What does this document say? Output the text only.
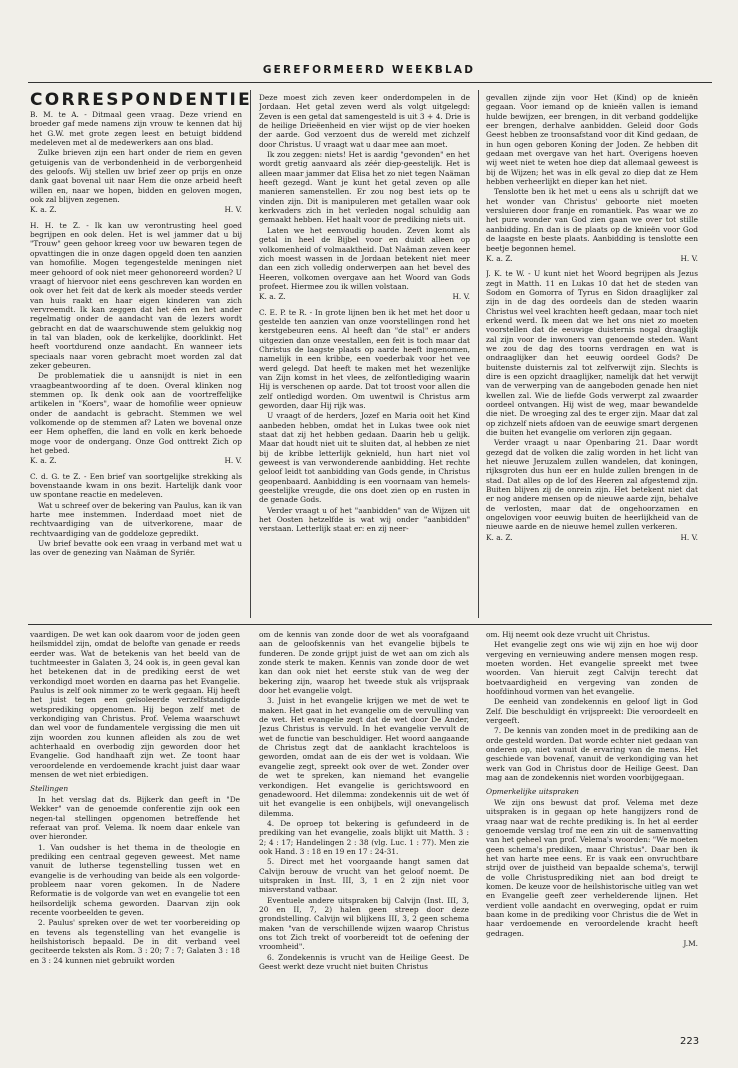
GEREFORMEERD WEEKBLAD
CORRESPONDENTIE

B. M. te A. - Ditmaal geen vraag. Deze vriend en broeder gaf mede namens zijn vrouw te kennen dat hij het G.W. met grote zegen leest en betuigt biddend medeleven met al de medewerkers aan ons blad.

Zulke brieven zijn een hart onder de riem en geven getuigenis van de verbondenheid in de verborgenheid des geloofs. Wij stellen uw brief zeer op prijs en onze dank gaat bovenal uit naar Hem die onze arbeid heeft willen en, naar we hopen, bidden en geloven mogen, ook zal blijven zegenen.

K. a. Z.	H. V.

H. H. te Z. - Ik kan uw verontrusting heel goed begrijpen en ook delen. Het is wel jammer dat u bij "Trouw" geen gehoor kreeg voor uw bewaren tegen de opvattingen die in onze dagen opgeld doen ten aanzien van homofilie. Mogen tegengestelde meningen niet meer gehoord of ook niet meer gehonoreerd worden? U vraagt of hiervoor niet eens geschreven kan worden en ook over het feit dat de kerk als moeder steeds verder van huis raakt en haar eigen kinderen van zich vervreemdt. Ik kan zeggen dat het één en het ander regelmatig onder de aandacht van de lezers wordt gebracht en dat de waarschuwende stem gelukkig nog in tal van bladen, ook de kerkelijke, doorklinkt. Het heeft voortdurend onze aandacht. En wanneer iets speciaals naar voren gebracht moet worden zal dat zeker gebeuren.

De problematiek die u aansnijdt is niet in een vraagbeantwoording af te doen. Overal klinken nog stemmen op. Ik denk ook aan de voortreffelijke artikelen in "Koers", waar de homofilie weer opnieuw onder de aandacht is gebracht. Stemmen we wel volkomende op de stemmen af? Laten we bovenal onze eer Hem opheffen, die land en volk en kerk behoede moge voor de ondergang. Onze God onttrekt Zich op het gebed.

K. a. Z.	H. V.

C. d. G. te Z. - Een brief van soortgelijke strekking als bovenstaande kwam in ons bezit. Hartelijk dank voor uw spontane reactie en medeleven.

Wat u schreef over de bekering van Paulus, kan ik van harte mee instemmen. Inderdaad moet niet de rechtvaardiging van de uitverkorene, maar de rechtvaardiging van de goddeloze gepredikt.

Uw brief bevatte ook een vraag in verband met wat u las over de genezing van Naäman de Syriër.

Deze moest zich zeven keer onderdompelen in de Jordaan. Het getal zeven werd als volgt uitgelegd: Zeven is een getal dat samengesteld is uit 3 + 4. Drie is de heilige Drieëenheid en vier wijst op de vier hoeken der aarde. God verzoent dus de wereld met zichzelf door Christus. U vraagt wat u daar mee aan moet.

Ik zou zeggen: niets! Het is aardig "gevonden" en het wordt gretig aanvaard als zéér diep-geestelijk. Het is alleen maar jammer dat Elisa het zo niet tegen Naäman heeft gezegd. Want je kunt het getal zeven op alle manieren samenstellen. Er zou nog best iets op te vinden zijn. Dit is manipuleren met getallen waar ook kerkvaders zich in het verleden nogal schuldig aan gemaakt hebben. Het haalt voor de prediking niets uit.

Laten we het eenvoudig houden. Zeven komt als getal in heel de Bijbel voor en duidt alleen op volkomenheid of volmaaktheid. Dat Naäman zeven keer zich moest wassen in de Jordaan betekent niet meer dan een zich volledig onderwerpen aan het bevel des Heeren, volkomen overgave aan het Woord van Gods profeet. Hiermee zou ik willen volstaan.

K. a. Z.	H. V.

C. E. P. te R. - In grote lijnen ben ik het met het door u gestelde ten aanzien van onze voorstellingen rond het kerstgebeuren eens. Al heeft dan "de stal" er anders uitgezien dan onze veestallen, een feit is toch maar dat Christus de laagste plaats op aarde heeft ingenomen, namelijk in een kribbe, een voederbak voor het vee werd gelegd. Dat heeft te maken met het wezenlijke van Zijn komst in het vlees, de zelfontlediging waarin Hij is verschenen op aarde. Dat tot troost voor allen die zelf ontledigd worden. Om uwentwil is Christus arm geworden, daar Hij rijk was.

U vraagt of de herders, Jozef en Maria ooit het Kind aanbeden hebben, omdat het in Lukas twee ook niet staat dat zij het hebben gedaan. Daarin heb u gelijk. Maar dat houdt niet uit te sluiten dat, al hebben ze niet bij de kribbe letterlijk geknield, hun hart niet vol geweest is van verwonderende aanbidding. Het rechte geloof leidt tot aanbidding van Gods gende, in Christus geopenbaard. Aanbidding is een voornaam van hemels-geestelijke vreugde, die ons doet zien op en rusten in de genade Gods.

Verder vraagt u of het "aanbidden" van de Wijzen uit het Oosten hetzelfde is wat wij onder "aanbidden" verstaan. Letterlijk staat er: en zij neer-

gevallen zijnde zijn voor Het (Kind) op de knieën gegaan. Voor iemand op de knieën vallen is iemand hulde bewijzen, eer brengen, in dit verband goddelijke eer brengen, derhalve aanbidden. Geleid door Gods Geest hebben ze troonsafstand voor dit Kind gedaan, de in hun ogen geboren Koning der Joden. Ze hebben dit gedaan met overgave van het hart. Overigens hoeven wij weet niet te weten hoe diep dat allemaal geweest is bij de Wijzen; het was in elk geval zo diep dat ze Hem hebben verheerlijkt en dieper kan het niet.

Tenslotte ben ik het met u eens als u schrijft dat we het wonder van Christus' geboorte niet moeten versluieren door franje en romantiek. Pas waar we zo het pure wonder van God zien gaan we over tot stille aanbidding. En dan is de plaats op de knieën voor God de laagste en beste plaats. Aanbidding is tenslotte een beetje begonnen hemel.

K. a. Z.	H. V.

J. K. te W. - U kunt niet het Woord begrijpen als Jezus zegt in Matth. 11 en Lukas 10 dat het de steden van Sodom en Gomorra of Tyrus en Sidon draaglijker zal zijn in de dag des oordeels dan de steden waarin Christus wel veel krachten heeft gedaan, maar toch niet erkend werd. Ik meen dat we het ons niet zo moeten voorstellen dat de eeuwige duisternis nogal draaglijk zal zijn voor de inwoners van genoemde steden. Want we zou de dag des toorns verdragen en wat is ondraaglijker dan het eeuwig oordeel Gods? De buitenste duisternis zal tot zelfverwijt zijn. Slechts is dire is een opzicht draaglijker, namelijk dat het verwijt van de verwerping van de aangeboden genade hen niet kwellen zal. Wie de liefde Gods verwerpt zal zwaarder oordeel ontvangen. Hij wist de weg, maar bewandelde die niet. De wroeging zal des te erger zijn. Maar dat zal op zichzelf niets afdoen van de eeuwige smart dergenen die buiten het evangelie om verloren zijn gegaan.

Verder vraagt u naar Openbaring 21. Daar wordt gezegd dat de volken die zalig worden in het licht van het nieuwe Jeruzalem zullen wandelen, dat koningen, rijksgroten dus hun eer en hulde zullen brengen in de stad. Dat alles op de lof des Heeren zal afgestemd zijn. Buiten blijven zij de onrein zijn. Het betekent niet dat er nog andere mensen op de nieuwe aarde zijn, behalve de verlosten, maar dat de ongehoorzamen en ongelovigen voor eeuwig buiten de heerlijkheid van de nieuwe aarde en de nieuwe hemel zullen verkeren.

K. a. Z.	H. V.

vaardigen. De wet kan ook daarom voor de joden geen heilsmiddel zijn, omdat de belofte van genade er reeds eerder was. Wat de betekenis van het beeld van de tuchtmeester in Galaten 3, 24 ook is, in geen geval kan het betekenen dat in de prediking eerst de wet verkondigd moet worden en daarna pas het Evangelie. Paulus is zelf ook nimmer zo te werk gegaan. Hij heeft het juist tegen een geïsoleerde verzelfstandigde wetsprediking opgenomen. Hij begon zelf met de verkondiging van Christus. Prof. Velema waarschuwt dan wel voor de fundamentele vergissing die men uit zijn woorden zou kunnen afleiden als zou de wet achterhaald en overbodig zijn geworden door het Evangelie. God handhaaft zijn wet. Ze toont haar veroordelende en verdoemende kracht juist daar waar mensen de wet niet erbiedigen.

Stellingen

In het verslag dat ds. Bijkerk dan geeft in "De Wekker" van de genoemde conferentie zijn ook een negen-tal stellingen opgenomen betreffende het referaat van prof. Velema. Ik noem daar enkele van over hieronder.

1. Van oudsher is het thema in de theologie en prediking een centraal gegeven geweest. Met name vanuit de lutherse tegenstelling tussen wet en evangelie is de verhouding van beide als een volgorde-probleem naar voren gekomen. In de Nadere Reformatie is de volgorde van wet en evangelie tot een heilsordelijk schema geworden. Daarvan zijn ook recente voorbeelden te geven.

2. Paulus' spreken over de wet ter voorbereiding op en tevens als tegenstelling van het evangelie is heilshistorisch bepaald. De in dit verband veel geciteerde teksten als Rom. 3 : 20; 7 : 7; Galaten 3 : 18 en 3 : 24 kunnen niet gebruikt worden

om de kennis van zonde door de wet als voorafgaand aan de geloofskennis van het evangelie bijbels te funderen. De zonde grijpt juist de wet aan om zich als zonde sterk te maken. Kennis van zonde door de wet kan dan ook niet het eerste stuk van de weg der bekering zijn, waarop het tweede stuk als vrijspraak door het evangelie volgt.

3. Juist in het evangelie krijgen we met de wet te maken. Het gaat in het evangelie om de vervulling van de wet. Het evangelie zegt dat de wet door De Ander, Jezus Christus is vervuld. In het evangelie vervult de wet de functie van beschuldiger. Het woord aangaande de Christus zegt dat de aanklacht krachteloos is geworden, omdat aan de eis der wet is voldaan. Wie evangelie zegt, spreekt ook over de wet. Zonder over de wet te spreken, kan niemand het evangelie verkondigen. Het evangelie is gerichtswoord en genadewoord. Het dilemma: zondekennis uit de wet óf uit het evangelie is een onbijbels, wijl onevangelisch dilemma.

4. De oproep tot bekering is gefundeerd in de prediking van het evangelie, zoals blijkt uit Matth. 3 : 2; 4 : 17; Handelingen 2 : 38 (vlg. Luc. 1 : 77). Men zie ook Hand. 3 : 18 en 19 en 17 : 24-31.

5. Direct met het voorgaande hangt samen dat Calvijn berouw de vrucht van het geloof noemt. De uitspraken in Inst. III, 3, 1 en 2 zijn niet voor misverstand vatbaar.

Eventuele andere uitspraken bij Calvijn (Inst. III, 3, 20 en II, 7, 2) halen geen streep door deze grondstelling. Calvijn wil blijkens III, 3, 2 geen schema maken "van de verschillende wijzen waarop Christus ons tot Zich trekt of voorbereidt tot de oefening der vroomheid".

6. Zondekennis is vrucht van de Heilige Geest. De Geest werkt deze vrucht niet buiten Christus

om. Hij neemt ook deze vrucht uit Christus.

Het evangelie zegt ons wie wij zijn en hoe wij door vergeving en vernieuwing andere mensen mogen resp. moeten worden. Het evangelie spreekt met twee woorden. Van hieruit zegt Calvijn terecht dat boetvaardigheid en vergeving van zonden de hoofdinhoud vormen van het evangelie.

De eenheid van zondekennis en geloof ligt in God Zelf. Die beschuldigt én vrijspreekt: Die veroordeelt en vergeeft.

7. De kennis van zonden moet in de prediking aan de orde gesteld worden. Dat worde echter niet gedaan van onderen op, niet vanuit de ervaring van de mens. Het geschiede van bovenaf, vanuit de verkondiging van het werk van God in Christus door de Heilige Geest. Dan mag aan de zondekennis niet worden voorbijgegaan.

Opmerkelijke uitspraken

We zijn ons bewust dat prof. Velema met deze uitspraken is in gegaan op hete hangijzers rond de vraag naar wat de rechte prediking is. In het al eerder genoemde verslag trof me een zin uit de samenvatting van het geheel van prof. Velema's woorden: "We moeten geen schema's prediken, maar Christus". Daar ben ik het van harte mee eens. Er is vaak een onvruchtbare strijd over de juistheid van bepaalde schema's, terwijl de volle Christusprediking niet aan bod dreigt te komen. De keuze voor de heilshistorische uitleg van wet en Evangelie geeft zeer verhelderende lijnen. Het verdient volle aandacht en overweging, opdat er ruim baan kome in de prediking voor Christus die de Wet in haar verdoemende en veroordelende kracht heeft gedragen.

J.M.
223
